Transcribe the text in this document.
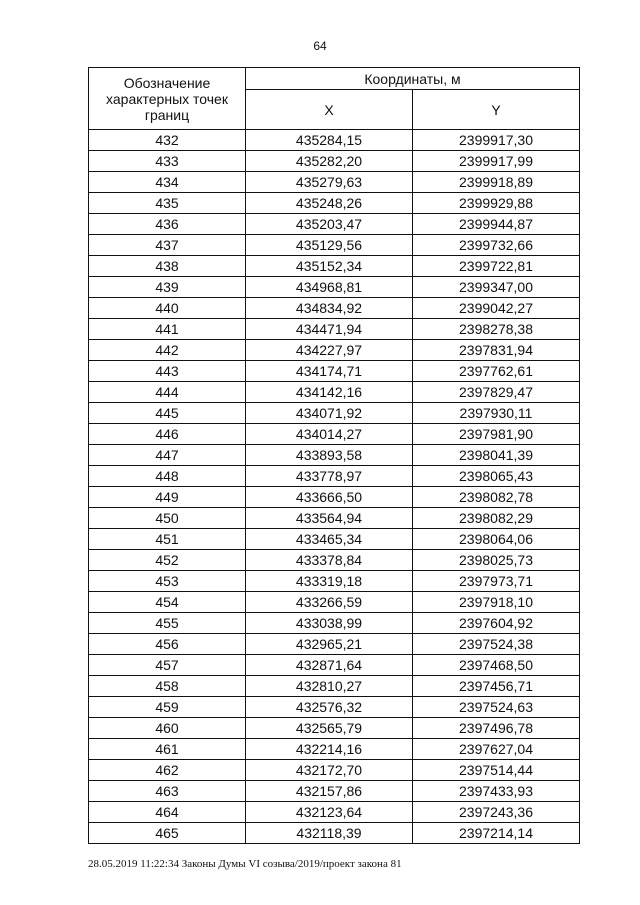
64
Обозначение характерных точек границ	Координаты, м	
	X	Y
432	435284,15	2399917,30
433	435282,20	2399917,99
434	435279,63	2399918,89
435	435248,26	2399929,88
436	435203,47	2399944,87
437	435129,56	2399732,66
438	435152,34	2399722,81
439	434968,81	2399347,00
440	434834,92	2399042,27
441	434471,94	2398278,38
442	434227,97	2397831,94
443	434174,71	2397762,61
444	434142,16	2397829,47
445	434071,92	2397930,11
446	434014,27	2397981,90
447	433893,58	2398041,39
448	433778,97	2398065,43
449	433666,50	2398082,78
450	433564,94	2398082,29
451	433465,34	2398064,06
452	433378,84	2398025,73
453	433319,18	2397973,71
454	433266,59	2397918,10
455	433038,99	2397604,92
456	432965,21	2397524,38
457	432871,64	2397468,50
458	432810,27	2397456,71
459	432576,32	2397524,63
460	432565,79	2397496,78
461	432214,16	2397627,04
462	432172,70	2397514,44
463	432157,86	2397433,93
464	432123,64	2397243,36
465	432118,39	2397214,14
28.05.2019 11:22:34 Законы Думы VI созыва/2019/проект закона 81
